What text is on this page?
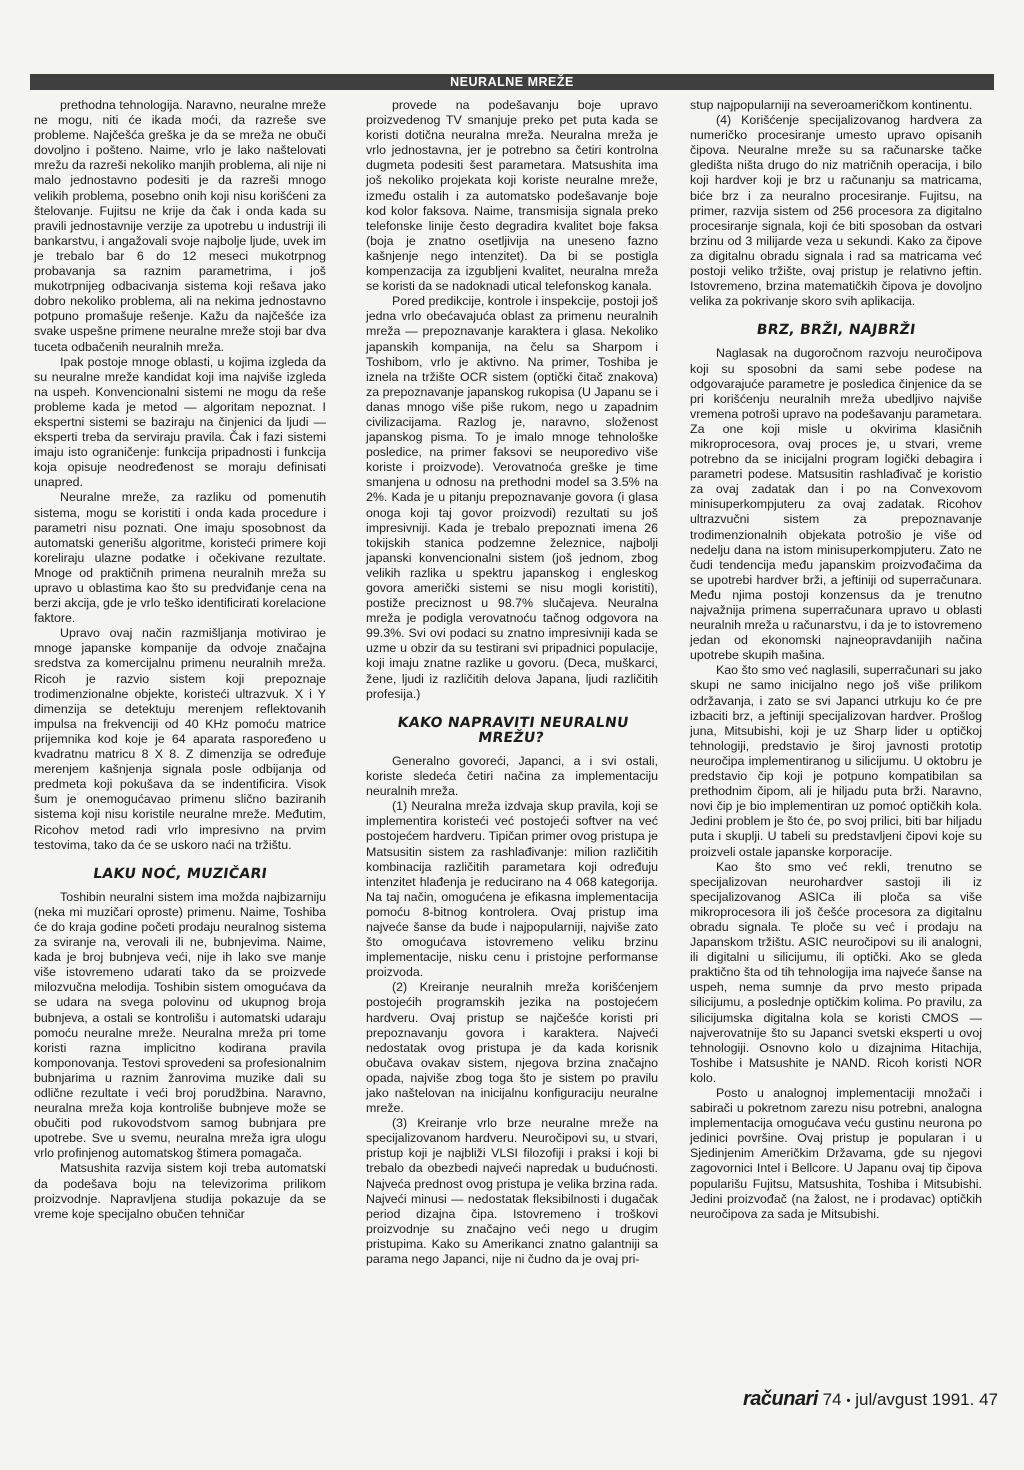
NEURALNE MREŽE

prethodna tehnologija. Naravno, neuralne mreže ne mogu, niti će ikada moći, da razreše sve probleme. Najčešća greška je da se mreža ne obuči dovoljno i pošteno. Naime, vrlo je lako naštelovati mrežu da razreši nekoliko manjih problema, ali nije ni malo jednostavno podesiti je da razreši mnogo velikih problema, posebno onih koji nisu korišćeni za štelovanje. Fujitsu ne krije da čak i onda kada su pravili jednostavnije verzije za upotrebu u industriji ili bankarstvu, i angažovali svoje najbolje ljude, uvek im je trebalo bar 6 do 12 meseci mukotrpnog probavanja sa raznim parametrima, i još mukotrpnijeg odbacivanja sistema koji rešava jako dobro nekoliko problema, ali na nekima jednostavno potpuno promašuje rešenje. Kažu da najčešće iza svake uspešne primene neuralne mreže stoji bar dva tuceta odbačenih neuralnih mreža.

Ipak postoje mnoge oblasti, u kojima izgleda da su neuralne mreže kandidat koji ima najviše izgleda na uspeh. Konvencionalni sistemi ne mogu da reše probleme kada je metod — algoritam nepoznat. I ekspertni sistemi se baziraju na činjenici da ljudi — eksperti treba da serviraju pravila. Čak i fazi sistemi imaju isto ograničenje: funkcija pripadnosti i funkcija koja opisuje neodređenost se moraju definisati unapred.

Neuralne mreže, za razliku od pomenutih sistema, mogu se koristiti i onda kada procedure i parametri nisu poznati. One imaju sposobnost da automatski generišu algoritme, koristeći primere koji koreliraju ulazne podatke i očekivane rezultate. Mnoge od praktičnih primena neuralnih mreža su upravo u oblastima kao što su predviđanje cena na berzi akcija, gde je vrlo teško identificirati korelacione faktore.

Upravo ovaj način razmišljanja motivirao je mnoge japanske kompanije da odvoje značajna sredstva za komercijalnu primenu neuralnih mreža. Ricoh je razvio sistem koji prepoznaje trodimenzionalne objekte, koristeći ultrazvuk. X i Y dimenzija se detektuju merenjem reflektovanih impulsa na frekvenciji od 40 KHz pomoću matrice prijemnika kod koje je 64 aparata raspoređeno u kvadratnu matricu 8 X 8. Z dimenzija se određuje merenjem kašnjenja signala posle odbijanja od predmeta koji pokušava da se indentificira. Visok šum je onemogućavao primenu slično baziranih sistema koji nisu koristile neuralne mreže. Međutim, Ricohov metod radi vrlo impresivno na prvim testovima, tako da će se uskoro naći na tržištu.

LAKU NOĆ, MUZIČARI

Toshibin neuralni sistem ima možda najbizarniju (neka mi muzičari oproste) primenu. Naime, Toshiba će do kraja godine početi prodaju neuralnog sistema za sviranje na, verovali ili ne, bubnjevima. Naime, kada je broj bubnjeva veći, nije ih lako sve manje više istovremeno udarati tako da se proizvede milozvučna melodija. Toshibin sistem omogućava da se udara na svega polovinu od ukupnog broja bubnjeva, a ostali se kontrolišu i automatski udaraju pomoću neuralne mreže. Neuralna mreža pri tome koristi razna implicitno kodirana pravila komponovanja. Testovi sprovedeni sa profesionalnim bubnjarima u raznim žanrovima muzike dali su odlične rezultate i veći broj porudžbina. Naravno, neuralna mreža koja kontroliše bubnjeve može se obučiti pod rukovodstvom samog bubnjara pre upotrebe. Sve u svemu, neuralna mreža igra ulogu vrlo profinjenog automatskog štimera pomagača.

Matsushita razvija sistem koji treba automatski da podešava boju na televizorima prilikom proizvodnje. Napravljena studija pokazuje da se vreme koje specijalno obučen tehničar

provede na podešavanju boje upravo proizvedenog TV smanjuje preko pet puta kada se koristi dotična neuralna mreža. Neuralna mreža je vrlo jednostavna, jer je potrebno sa četiri kontrolna dugmeta podesiti šest parametara. Matsushita ima još nekoliko projekata koji koriste neuralne mreže, između ostalih i za automatsko podešavanje boje kod kolor faksova. Naime, transmisija signala preko telefonske linije često degradira kvalitet boje faksa (boja je znatno osetljivija na uneseno fazno kašnjenje nego intenzitet). Da bi se postigla kompenzacija za izgubljeni kvalitet, neuralna mreža se koristi da se nadoknadi utical telefonskog kanala.

Pored predikcije, kontrole i inspekcije, postoji još jedna vrlo obećavajuća oblast za primenu neuralnih mreža — prepoznavanje karaktera i glasa. Nekoliko japanskih kompanija, na čelu sa Sharpom i Toshibom, vrlo je aktivno. Na primer, Toshiba je iznela na tržište OCR sistem (optički čitač znakova) za prepoznavanje japanskog rukopisa (U Japanu se i danas mnogo više piše rukom, nego u zapadnim civilizacijama. Razlog je, naravno, složenost japanskog pisma. To je imalo mnoge tehnološke posledice, na primer faksovi se neuporedivo više koriste i proizvode). Verovatnoća greške je time smanjena u odnosu na prethodni model sa 3.5% na 2%. Kada je u pitanju prepoznavanje govora (i glasa onoga koji taj govor proizvodi) rezultati su još impresivniji. Kada je trebalo prepoznati imena 26 tokijskih stanica podzemne železnice, najbolji japanski konvencionalni sistem (još jednom, zbog velikih razlika u spektru japanskog i engleskog govora američki sistemi se nisu mogli koristiti), postiže preciznost u 98.7% slučajeva. Neuralna mreža je podigla verovatnoću tačnog odgovora na 99.3%. Svi ovi podaci su znatno impresivniji kada se uzme u obzir da su testirani svi pripadnici populacije, koji imaju znatne razlike u govoru. (Deca, muškarci, žene, ljudi iz različitih delova Japana, ljudi različitih profesija.)

KAKO NAPRAVITI NEURALNU MREŽU?

Generalno govoreći, Japanci, a i svi ostali, koriste sledeća četiri načina za implementaciju neuralnih mreža.

(1) Neuralna mreža izdvaja skup pravila, koji se implementira koristeći već postojeći softver na već postojećem hardveru. Tipičan primer ovog pristupa je Matsusitin sistem za rashlađivanje: milion različitih kombinacija različitih parametara koji određuju intenzitet hlađenja je reducirano na 4 068 kategorija. Na taj način, omogućena je efikasna implementacija pomoću 8-bitnog kontrolera. Ovaj pristup ima najveće šanse da bude i najpopularniji, najviše zato što omogućava istovremeno veliku brzinu implementacije, nisku cenu i pristojne performanse proizvoda.

(2) Kreiranje neuralnih mreža korišćenjem postojećih programskih jezika na postojećem hardveru. Ovaj pristup se najčešće koristi pri prepoznavanju govora i karaktera. Najveći nedostatak ovog pristupa je da kada korisnik obučava ovakav sistem, njegova brzina značajno opada, najviše zbog toga što je sistem po pravilu jako naštelovan na inicijalnu konfiguraciju neuralne mreže.

(3) Kreiranje vrlo brze neuralne mreže na specijalizovanom hardveru. Neuročipovi su, u stvari, pristup koji je najbliži VLSI filozofiji i praksi i koji bi trebalo da obezbedi najveći napredak u budućnosti. Najveća prednost ovog pristupa je velika brzina rada. Najveći minusi — nedostatak fleksibilnosti i dugačak period dizajna čipa. Istovremeno i troškovi proizvodnje su značajno veći nego u drugim pristupima. Kako su Amerikanci znatno galantniji sa parama nego Japanci, nije ni čudno da je ovaj pri-

stup najpopularniji na severoameričkom kontinentu.

(4) Korišćenje specijalizovanog hardvera za numeričko procesiranje umesto upravo opisanih čipova. Neuralne mreže su sa računarske tačke gledišta ništa drugo do niz matričnih operacija, i bilo koji hardver koji je brz u računanju sa matricama, biće brz i za neuralno procesiranje. Fujitsu, na primer, razvija sistem od 256 procesora za digitalno procesiranje signala, koji će biti sposoban da ostvari brzinu od 3 milijarde veza u sekundi. Kako za čipove za digitalnu obradu signala i rad sa matricama već postoji veliko tržište, ovaj pristup je relativno jeftin. Istovremeno, brzina matematičkih čipova je dovoljno velika za pokrivanje skoro svih aplikacija.

BRZ, BRŽI, NAJBRŽI

Naglasak na dugoročnom razvoju neuročipova koji su sposobni da sami sebe podese na odgovarajuće parametre je posledica činjenice da se pri korišćenju neuralnih mreža ubedljivo najviše vremena potroši upravo na podešavanju parametara. Za one koji misle u okvirima klasičnih mikroprocesora, ovaj proces je, u stvari, vreme potrebno da se inicijalni program logički debagira i parametri podese. Matsusitin rashlađivač je koristio za ovaj zadatak dan i po na Convexovom minisuperkompjuteru za ovaj zadatak. Ricohov ultrazvučni sistem za prepoznavanje trodimenzionalnih objekata potrošio je više od nedelju dana na istom minisuperkompjuteru. Zato ne čudi tendencija među japanskim proizvođačima da se upotrebi hardver brži, a jeftiniji od superračunara. Među njima postoji konzensus da je trenutno najvažnija primena superračunara upravo u oblasti neuralnih mreža u računarstvu, i da je to istovremeno jedan od ekonomski najneopravdanijih načina upotrebe skupih mašina.

Kao što smo već naglasili, superračunari su jako skupi ne samo inicijalno nego još više prilikom održavanja, i zato se svi Japanci utrkuju ko će pre izbaciti brz, a jeftiniji specijalizovan hardver. Prošlog juna, Mitsubishi, koji je uz Sharp lider u optičkoj tehnologiji, predstavio je široj javnosti prototip neuročipa implementiranog u silicijumu. U oktobru je predstavio čip koji je potpuno kompatibilan sa prethodnim čipom, ali je hiljadu puta brži. Naravno, novi čip je bio implementiran uz pomoć optičkih kola. Jedini problem je što će, po svoj prilici, biti bar hiljadu puta i skuplji. U tabeli su predstavljeni čipovi koje su proizveli ostale japanske korporacije.

Kao što smo već rekli, trenutno se specijalizovan neurohardver sastoji ili iz specijalizovanog ASICa ili ploča sa više mikroprocesora ili još češće procesora za digitalnu obradu signala. Te ploče su već i prodaju na Japanskom tržištu. ASIC neuročipovi su ili analogni, ili digitalni u silicijumu, ili optički. Ako se gleda praktično šta od tih tehnologija ima najveće šanse na uspeh, nema sumnje da prvo mesto pripada silicijumu, a poslednje optičkim kolima. Po pravilu, za silicijumska digitalna kola se koristi CMOS — najverovatnije što su Japanci svetski eksperti u ovoj tehnologiji. Osnovno kolo u dizajnima Hitachija, Toshibe i Matsushite je NAND. Ricoh koristi NOR kolo.

Posto u analognoj implementaciji množači i sabirači u pokretnom zarezu nisu potrebni, analogna implementacija omogućava veću gustinu neurona po jedinici površine. Ovaj pristup je popularan i u Sjedinjenim Američkim Državama, gde su njegovi zagovornici Intel i Bellcore. U Japanu ovaj tip čipova popularišu Fujitsu, Matsushita, Toshiba i Mitsubishi. Jedini proizvođač (na žalost, ne i prodavac) optičkih neuročipova za sada je Mitsubishi.

računari 74 • jul/avgust 1991. 47
